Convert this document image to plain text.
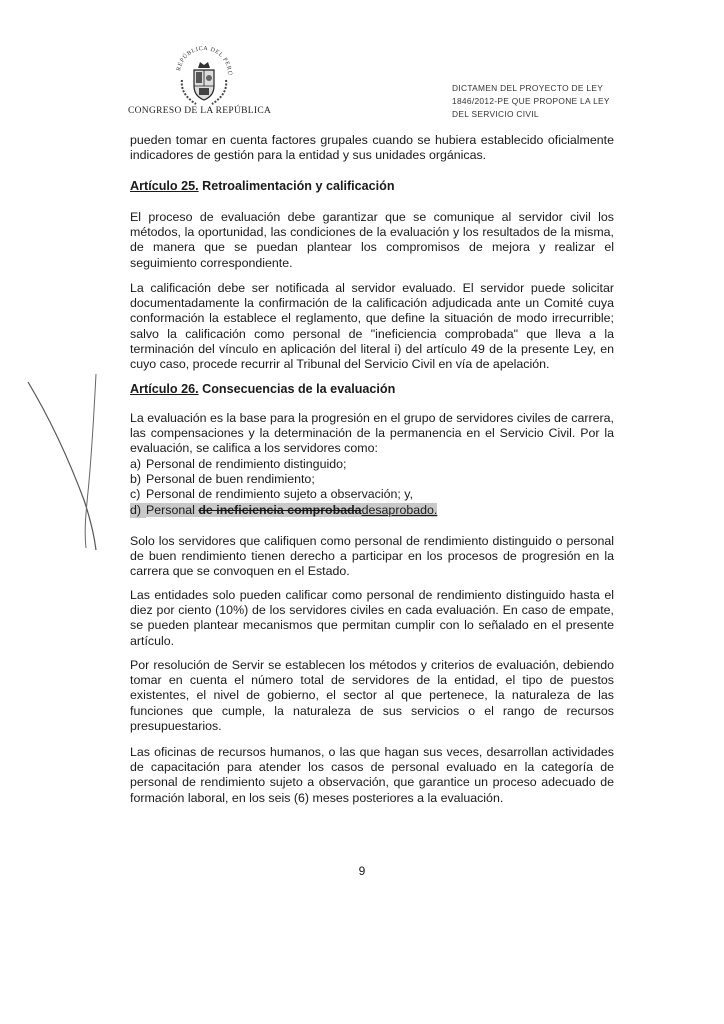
REPÚBLICA DEL PERÚ
CONGRESO DE LA REPÚBLICA
DICTAMEN DEL PROYECTO DE LEY
1846/2012-PE QUE PROPONE LA LEY
DEL SERVICIO CIVIL

pueden tomar en cuenta factores grupales cuando se hubiera establecido oficialmente indicadores de gestión para la entidad y sus unidades orgánicas.

Artículo 25. Retroalimentación y calificación

El proceso de evaluación debe garantizar que se comunique al servidor civil los métodos, la oportunidad, las condiciones de la evaluación y los resultados de la misma, de manera que se puedan plantear los compromisos de mejora y realizar el seguimiento correspondiente.

La calificación debe ser notificada al servidor evaluado. El servidor puede solicitar documentadamente la confirmación de la calificación adjudicada ante un Comité cuya conformación la establece el reglamento, que define la situación de modo irrecurrible; salvo la calificación como personal de "ineficiencia comprobada" que lleva a la terminación del vínculo en aplicación del literal i) del artículo 49 de la presente Ley, en cuyo caso, procede recurrir al Tribunal del Servicio Civil en vía de apelación.

Artículo 26. Consecuencias de la evaluación

La evaluación es la base para la progresión en el grupo de servidores civiles de carrera, las compensaciones y la determinación de la permanencia en el Servicio Civil. Por la evaluación, se califica a los servidores como:

a) Personal de rendimiento distinguido;
b) Personal de buen rendimiento;
c) Personal de rendimiento sujeto a observación; y,
d) Personal de ineficiencia comprobadadesaprobado.

Solo los servidores que califiquen como personal de rendimiento distinguido o personal de buen rendimiento tienen derecho a participar en los procesos de progresión en la carrera que se convoquen en el Estado.

Las entidades solo pueden calificar como personal de rendimiento distinguido hasta el diez por ciento (10%) de los servidores civiles en cada evaluación. En caso de empate, se pueden plantear mecanismos que permitan cumplir con lo señalado en el presente artículo.

Por resolución de Servir se establecen los métodos y criterios de evaluación, debiendo tomar en cuenta el número total de servidores de la entidad, el tipo de puestos existentes, el nivel de gobierno, el sector al que pertenece, la naturaleza de las funciones que cumple, la naturaleza de sus servicios o el rango de recursos presupuestarios.

Las oficinas de recursos humanos, o las que hagan sus veces, desarrollan actividades de capacitación para atender los casos de personal evaluado en la categoría de personal de rendimiento sujeto a observación, que garantice un proceso adecuado de formación laboral, en los seis (6) meses posteriores a la evaluación.

9
